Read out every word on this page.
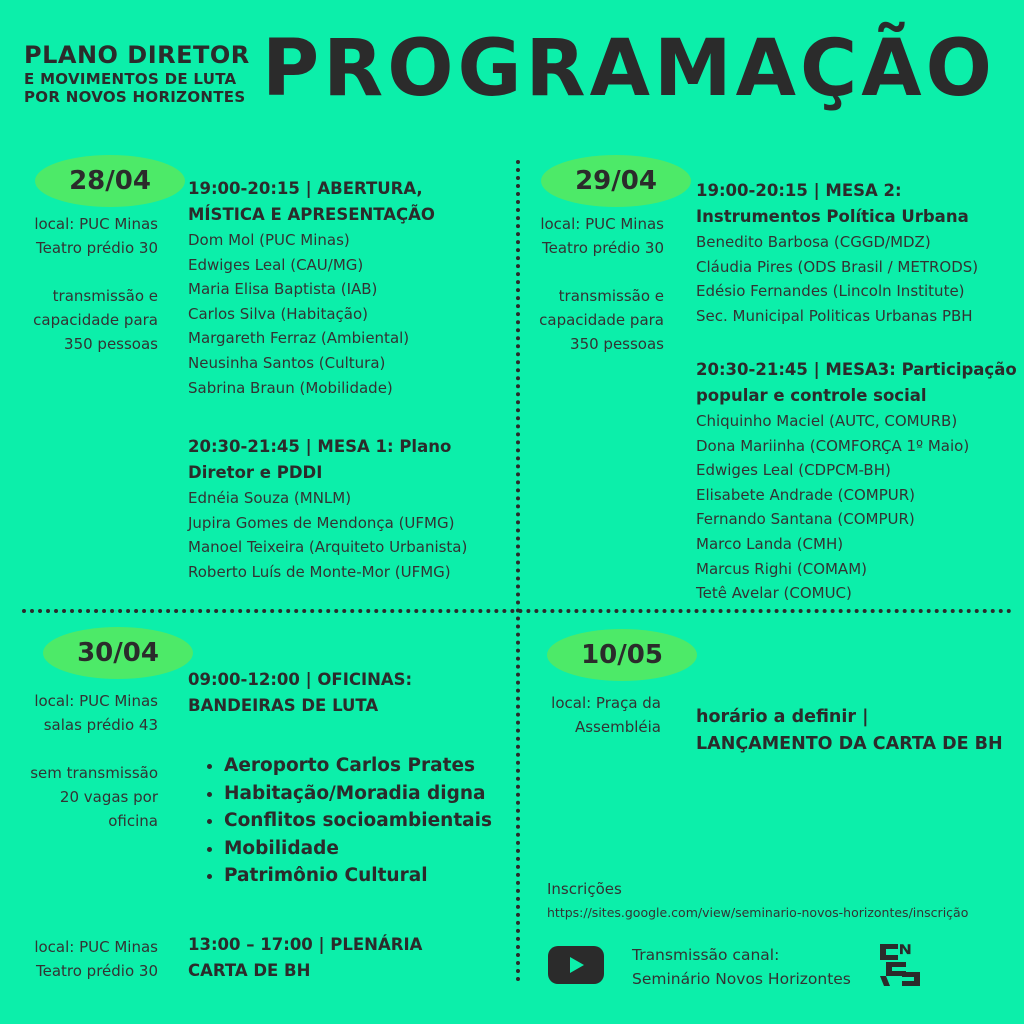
PLANO DIRETOR
E MOVIMENTOS DE LUTA
POR NOVOS HORIZONTES PROGRAMAÇÃO
28/04
local: PUC Minas
Teatro prédio 30
transmissão e
capacidade para
350 pessoas
19:00-20:15 | ABERTURA,
MÍSTICA E APRESENTAÇÃO
Dom Mol (PUC Minas)
Edwiges Leal (CAU/MG)
Maria Elisa Baptista (IAB)
Carlos Silva (Habitação)
Margareth Ferraz (Ambiental)
Neusinha Santos (Cultura)
Sabrina Braun (Mobilidade)
20:30-21:45 | MESA 1: Plano
Diretor e PDDI
Ednéia Souza (MNLM)
Jupira Gomes de Mendonça (UFMG)
Manoel Teixeira (Arquiteto Urbanista)
Roberto Luís de Monte-Mor (UFMG)
29/04
local: PUC Minas
Teatro prédio 30
transmissão e
capacidade para
350 pessoas
19:00-20:15 | MESA 2:
Instrumentos Política Urbana
Benedito Barbosa (CGGD/MDZ)
Cláudia Pires (ODS Brasil / METRODS)
Edésio Fernandes (Lincoln Institute)
Sec. Municipal Politicas Urbanas PBH
20:30-21:45 | MESA3: Participação
popular e controle social
Chiquinho Maciel (AUTC, COMURB)
Dona Mariinha (COMFORÇA 1º Maio)
Edwiges Leal (CDPCM-BH)
Elisabete Andrade (COMPUR)
Fernando Santana (COMPUR)
Marco Landa (CMH)
Marcus Righi (COMAM)
Tetê Avelar (COMUC)
30/04
local: PUC Minas
salas prédio 43
sem transmissão
20 vagas por
oficina
09:00-12:00 | OFICINAS:
BANDEIRAS DE LUTA
• Aeroporto Carlos Prates
• Habitação/Moradia digna
• Conflitos socioambientais
• Mobilidade
• Patrimônio Cultural
local: PUC Minas
Teatro prédio 30
13:00 – 17:00 | PLENÁRIA
CARTA DE BH
10/05
local: Praça da
Assembléia horário a definir |
LANÇAMENTO DA CARTA DE BH
Inscrições
https://sites.google.com/view/seminario-novos-horizontes/inscrição
Transmissão canal:
Seminário Novos Horizontes
